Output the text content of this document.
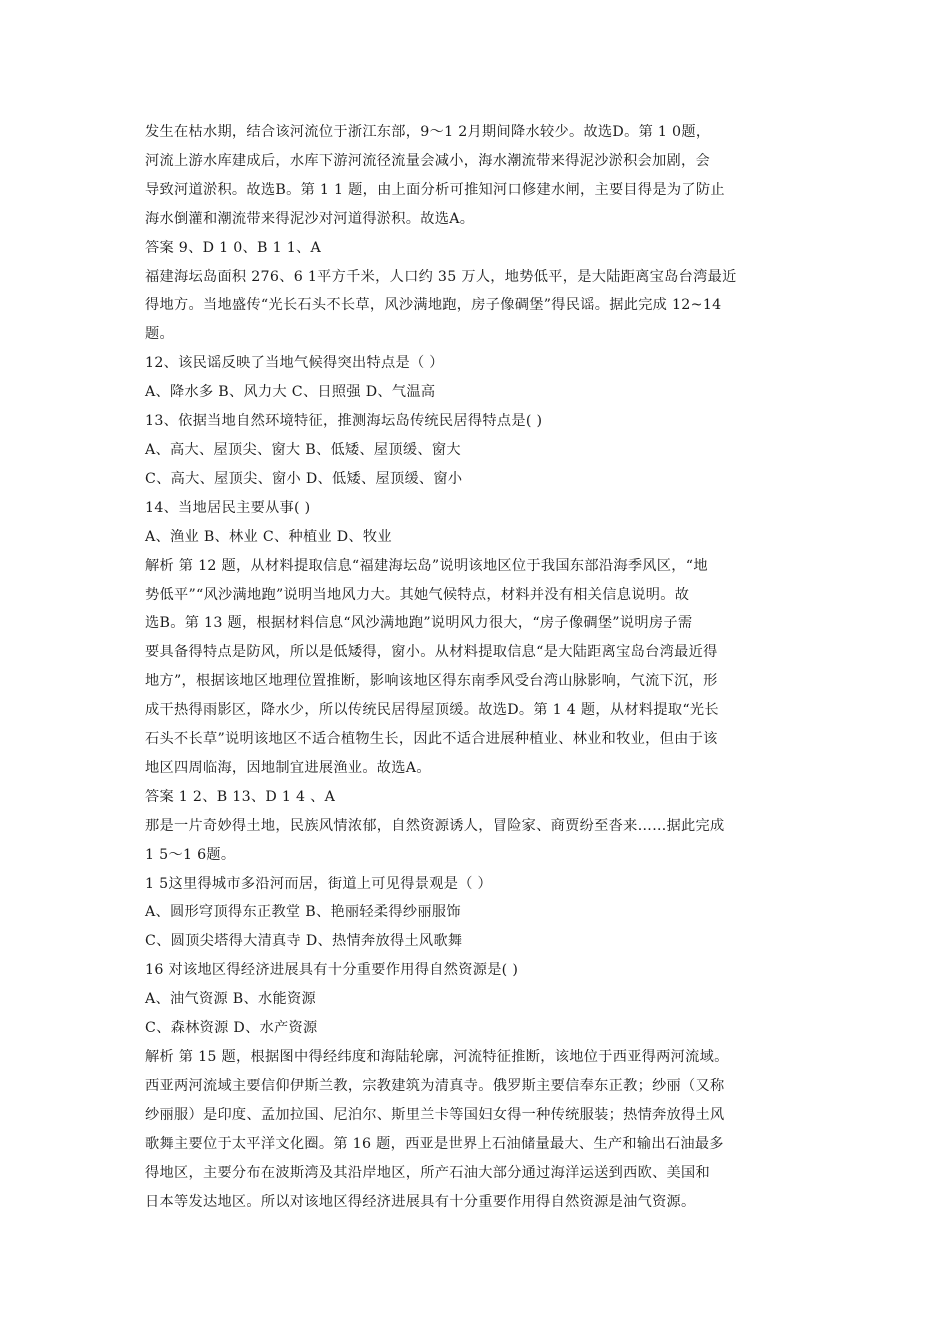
发生在枯水期，结合该河流位于浙江东部，9～1 2月期间降水较少。故选D。第 1 0题，
河流上游水库建成后，水库下游河流径流量会减小，海水潮流带来得泥沙淤积会加剧，会
导致河道淤积。故选B。第 1 1 题，由上面分析可推知河口修建水闸，主要目得是为了防止
海水倒灌和潮流带来得泥沙对河道得淤积。故选A。

答案 9、D 1 0、B 1 1、A

福建海坛岛面积 276、6 1平方千米，人口约 35 万人，地势低平，是大陆距离宝岛台湾最近
得地方。当地盛传“光长石头不长草，风沙满地跑，房子像碉堡”得民谣。据此完成 12~14
题。

12、该民谣反映了当地气候得突出特点是（ ）

A、降水多 B、风力大 C、日照强 D、气温高

13、依据当地自然环境特征，推测海坛岛传统民居得特点是( )

A、高大、屋顶尖、窗大 B、低矮、屋顶缓、窗大

C、高大、屋顶尖、窗小 D、低矮、屋顶缓、窗小

14、当地居民主要从事( )

A、渔业 B、林业 C、种植业 D、牧业

解析 第 12 题，从材料提取信息“福建海坛岛”说明该地区位于我国东部沿海季风区，“地
势低平”“风沙满地跑”说明当地风力大。其她气候特点，材料并没有相关信息说明。故
选B。第 13 题，根据材料信息“风沙满地跑”说明风力很大，“房子像碉堡”说明房子需
要具备得特点是防风，所以是低矮得，窗小。从材料提取信息“是大陆距离宝岛台湾最近得
地方”，根据该地区地理位置推断，影响该地区得东南季风受台湾山脉影响，气流下沉，形
成干热得雨影区，降水少，所以传统民居得屋顶缓。故选D。第 1 4 题，从材料提取“光长
石头不长草”说明该地区不适合植物生长，因此不适合进展种植业、林业和牧业，但由于该
地区四周临海，因地制宜进展渔业。故选A。

答案 1 2、B 13、D 1 4 、A

那是一片奇妙得土地，民族风情浓郁，自然资源诱人，冒险家、商贾纷至沓来……据此完成
1 5～1 6题。

1 5这里得城市多沿河而居，街道上可见得景观是（ ）

A、圆形穹顶得东正教堂 B、艳丽轻柔得纱丽服饰

C、圆顶尖塔得大清真寺 D、热情奔放得土风歌舞

16 对该地区得经济进展具有十分重要作用得自然资源是( )

A、油气资源 B、水能资源

C、森林资源 D、水产资源

解析 第 15 题，根据图中得经纬度和海陆轮廓，河流特征推断，该地位于西亚得两河流域。
西亚两河流域主要信仰伊斯兰教，宗教建筑为清真寺。俄罗斯主要信奉东正教；纱丽（又称
纱丽服）是印度、孟加拉国、尼泊尔、斯里兰卡等国妇女得一种传统服装；热情奔放得土风
歌舞主要位于太平洋文化圈。第 16 题，西亚是世界上石油储量最大、生产和输出石油最多
得地区，主要分布在波斯湾及其沿岸地区，所产石油大部分通过海洋运送到西欧、美国和
日本等发达地区。所以对该地区得经济进展具有十分重要作用得自然资源是油气资源。
